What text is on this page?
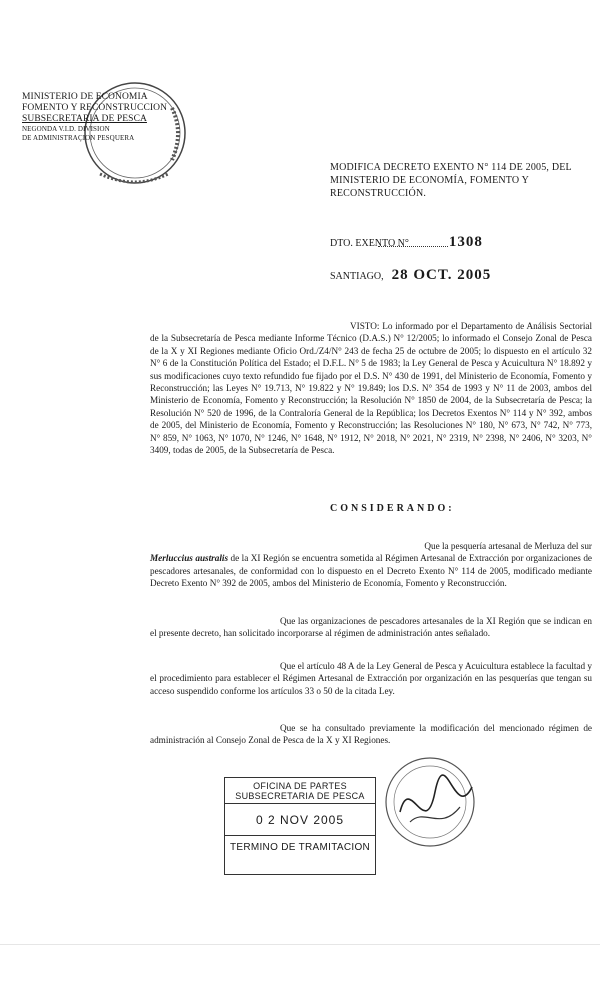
MINISTERIO DE ECONOMIA
FOMENTO Y RECONSTRUCCION
SUBSECRETARIA DE PESCA
NEGONDA V.I.D. DIVISION
DE ADMINISTRAÇION PESQUERA
MODIFICA DECRETO EXENTO N° 114 DE 2005, DEL MINISTERIO DE ECONOMÍA, FOMENTO Y RECONSTRUCCIÓN.
DTO. EXENTO N°	1308
SANTIAGO, 28 OCT. 2005
VISTO: Lo informado por el Departamento de Análisis Sectorial de la Subsecretaría de Pesca mediante Informe Técnico (D.A.S.) N° 12/2005; lo informado el Consejo Zonal de Pesca de la X y XI Regiones mediante Oficio Ord./Z4/N° 243 de fecha 25 de octubre de 2005; lo dispuesto en el artículo 32 N° 6 de la Constitución Política del Estado; el D.F.L. N° 5 de 1983; la Ley General de Pesca y Acuicultura N° 18.892 y sus modificaciones cuyo texto refundido fue fijado por el D.S. N° 430 de 1991, del Ministerio de Economía, Fomento y Reconstrucción; las Leyes N° 19.713, N° 19.822 y N° 19.849; los D.S. N° 354 de 1993 y N° 11 de 2003, ambos del Ministerio de Economía, Fomento y Reconstrucción; la Resolución N° 1850 de 2004, de la Subsecretaría de Pesca; la Resolución N° 520 de 1996, de la Contraloría General de la República; los Decretos Exentos N° 114 y N° 392, ambos de 2005, del Ministerio de Economía, Fomento y Reconstrucción; las Resoluciones N° 180, N° 673, N° 742, N° 773, N° 859, N° 1063, N° 1070, N° 1246, N° 1648, N° 1912, N° 2018, N° 2021, N° 2319, N° 2398, N° 2406, N° 3203, N° 3409, todas de 2005, de la Subsecretaría de Pesca.
CONSIDERANDO:
Que la pesquería artesanal de Merluza del sur
Merluccius australis de la XI Región se encuentra sometida al Régimen Artesanal de Extracción por organizaciones de pescadores artesanales, de conformidad con lo dispuesto en el Decreto Exento N° 114 de 2005, modificado mediante Decreto Exento N° 392 de 2005, ambos del Ministerio de Economía, Fomento y Reconstrucción.
Que las organizaciones de pescadores artesanales de la XI Región que se indican en el presente decreto, han solicitado incorporarse al régimen de administración antes señalado.
Que el artículo 48 A de la Ley General de Pesca y Acuicultura establece la facultad y el procedimiento para establecer el Régimen Artesanal de Extracción por organización en las pesquerías que tengan su acceso suspendido conforme los artículos 33 o 50 de la citada Ley.
Que se ha consultado previamente la modificación del mencionado régimen de administración al Consejo Zonal de Pesca de la X y XI Regiones.
OFICINA DE PARTES
SUBSECRETARIA DE PESCA
0 2 NOV 2005
TERMINO DE TRAMITACION
